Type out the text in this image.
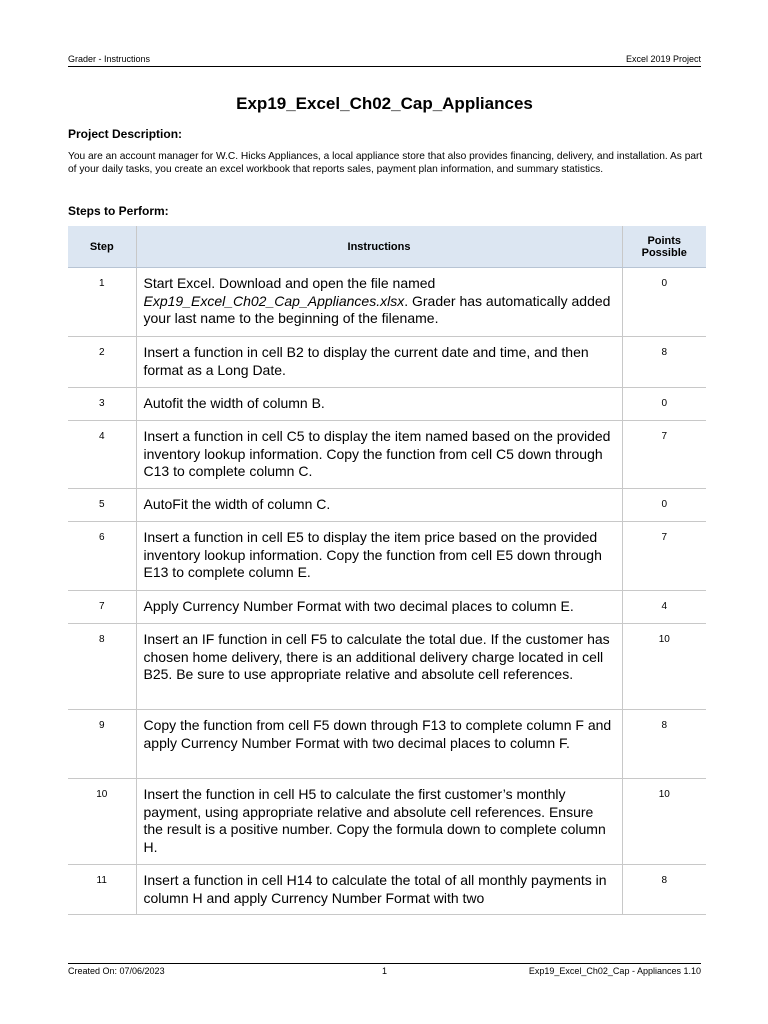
Grader - Instructions	Excel 2019 Project
Exp19_Excel_Ch02_Cap_Appliances
Project Description:
You are an account manager for W.C. Hicks Appliances, a local appliance store that also provides financing, delivery, and installation. As part of your daily tasks, you create an excel workbook that reports sales, payment plan information, and summary statistics.
Steps to Perform:
Step	Instructions	Points Possible
1	Start Excel. Download and open the file named Exp19_Excel_Ch02_Cap_Appliances.xlsx. Grader has automatically added your last name to the beginning of the filename.	0
2	Insert a function in cell B2 to display the current date and time, and then format as a Long Date.	8
3	Autofit the width of column B.	0
4	Insert a function in cell C5 to display the item named based on the provided inventory lookup information. Copy the function from cell C5 down through C13 to complete column C.	7
5	AutoFit the width of column C.	0
6	Insert a function in cell E5 to display the item price based on the provided inventory lookup information. Copy the function from cell E5 down through E13 to complete column E.	7
7	Apply Currency Number Format with two decimal places to column E.	4
8	Insert an IF function in cell F5 to calculate the total due. If the customer has chosen home delivery, there is an additional delivery charge located in cell B25. Be sure to use appropriate relative and absolute cell references.	10
9	Copy the function from cell F5 down through F13 to complete column F and apply Currency Number Format with two decimal places to column F.	8
10	Insert the function in cell H5 to calculate the first customer’s monthly payment, using appropriate relative and absolute cell references. Ensure the result is a positive number. Copy the formula down to complete column H.	10
11	Insert a function in cell H14 to calculate the total of all monthly payments in column H and apply Currency Number Format with two	8
Created On: 07/06/2023	1	Exp19_Excel_Ch02_Cap - Appliances 1.10
